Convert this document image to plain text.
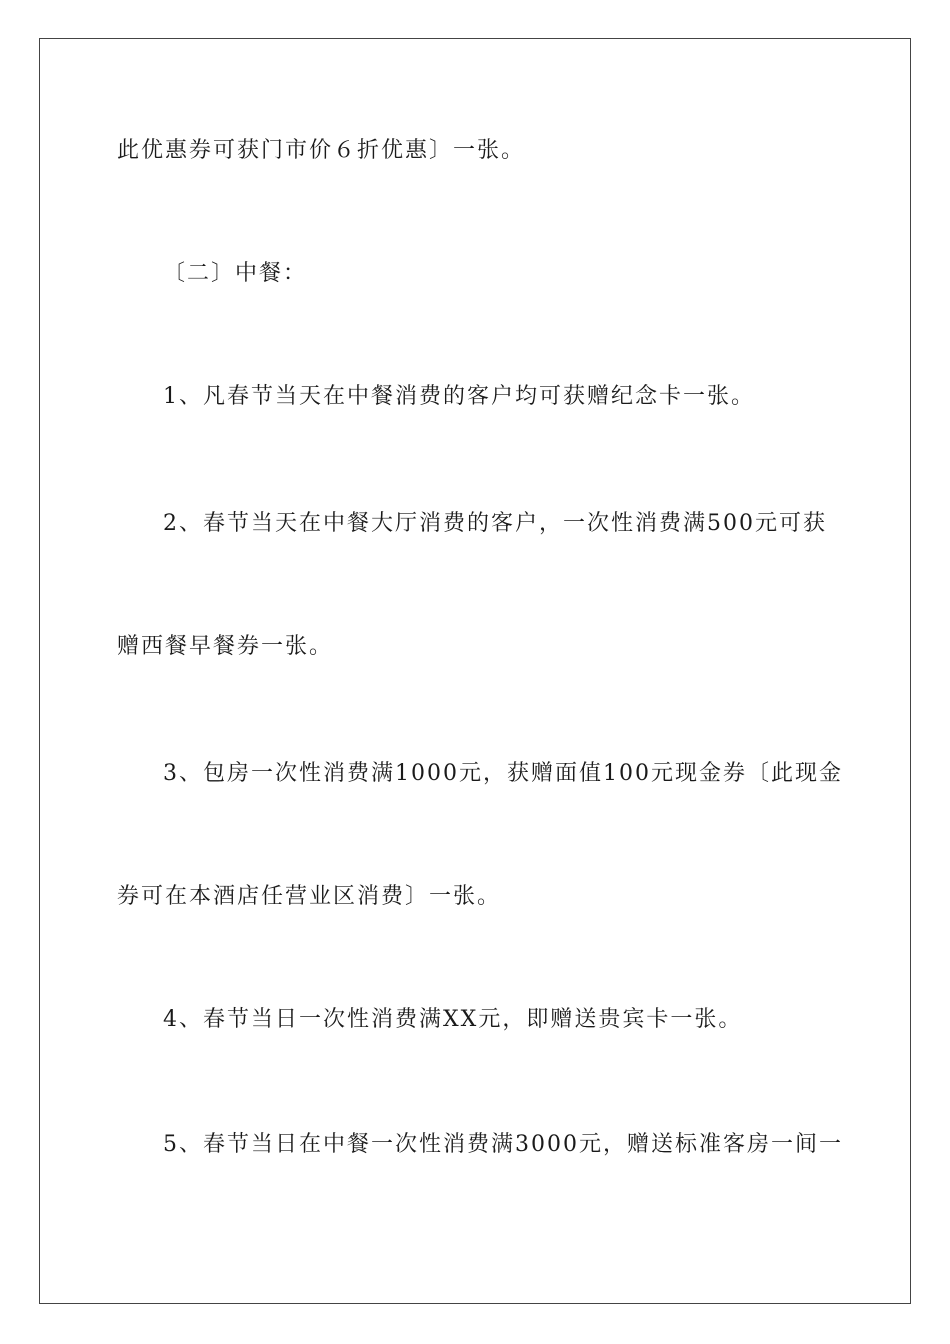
此优惠券可获门市价６折优惠〕一张。
〔二〕中餐：
1、凡春节当天在中餐消费的客户均可获赠纪念卡一张。
2、春节当天在中餐大厅消费的客户，一次性消费满500元可获
赠西餐早餐券一张。
3、包房一次性消费满1000元，获赠面值100元现金券〔此现金
券可在本酒店任营业区消费〕一张。
4、春节当日一次性消费满XX元，即赠送贵宾卡一张。
5、春节当日在中餐一次性消费满3000元，赠送标准客房一间一
